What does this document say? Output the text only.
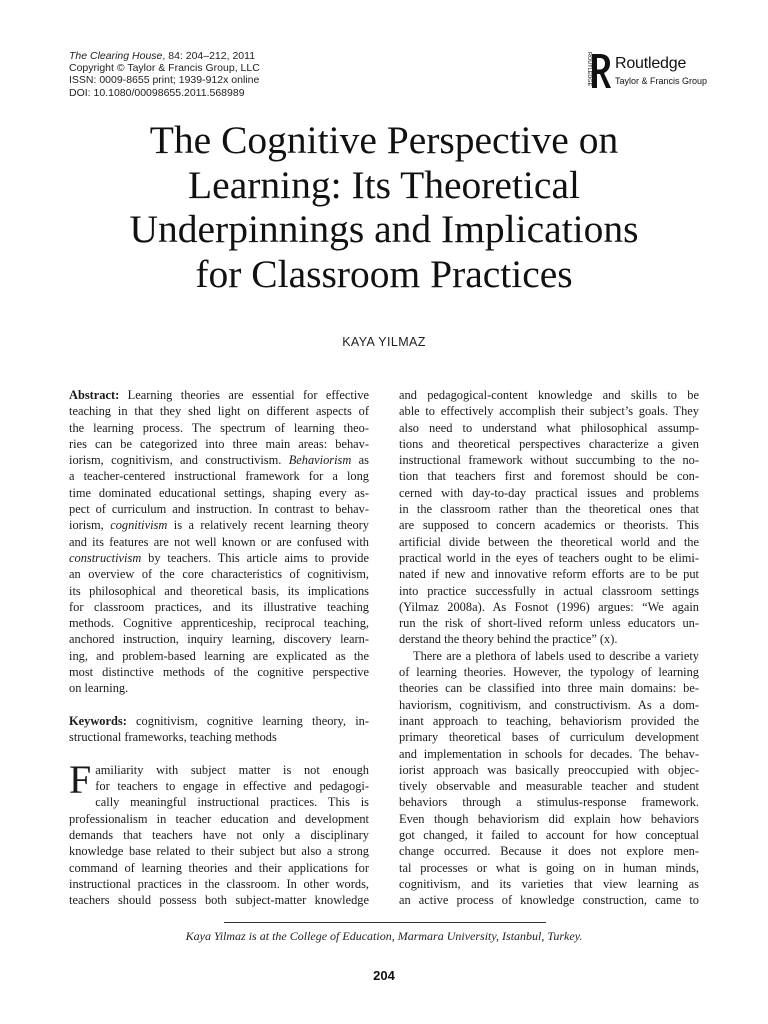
The Clearing House, 84: 204–212, 2011
Copyright © Taylor & Francis Group, LLC
ISSN: 0009-8655 print; 1939-912x online
DOI: 10.1080/00098655.2011.568989
ROUTLEDGE Routledge
Taylor & Francis Group
The Cognitive Perspective on
Learning: Its Theoretical
Underpinnings and Implications
for Classroom Practices
KAYA YILMAZ
Abstract: Learning theories are essential for effective
teaching in that they shed light on different aspects of
the learning process. The spectrum of learning theo-
ries can be categorized into three main areas: behav-
iorism, cognitivism, and constructivism. Behaviorism as
a teacher-centered instructional framework for a long
time dominated educational settings, shaping every as-
pect of curriculum and instruction. In contrast to behav-
iorism, cognitivism is a relatively recent learning theory
and its features are not well known or are confused with
constructivism by teachers. This article aims to provide
an overview of the core characteristics of cognitivism,
its philosophical and theoretical basis, its implications
for classroom practices, and its illustrative teaching
methods. Cognitive apprenticeship, reciprocal teaching,
anchored instruction, inquiry learning, discovery learn-
ing, and problem-based learning are explicated as the
most distinctive methods of the cognitive perspective
on learning.
Keywords: cognitivism, cognitive learning theory, in-
structional frameworks, teaching methods
F amiliarity with subject matter is not enough
for teachers to engage in effective and pedagogi-
cally meaningful instructional practices. This is
professionalism in teacher education and development
demands that teachers have not only a disciplinary
knowledge base related to their subject but also a strong
command of learning theories and their applications for
instructional practices in the classroom. In other words,
teachers should possess both subject-matter knowledge
and pedagogical-content knowledge and skills to be
able to effectively accomplish their subject’s goals. They
also need to understand what philosophical assump-
tions and theoretical perspectives characterize a given
instructional framework without succumbing to the no-
tion that teachers first and foremost should be con-
cerned with day-to-day practical issues and problems
in the classroom rather than the theoretical ones that
are supposed to concern academics or theorists. This
artificial divide between the theoretical world and the
practical world in the eyes of teachers ought to be elimi-
nated if new and innovative reform efforts are to be put
into practice successfully in actual classroom settings
(Yilmaz 2008a). As Fosnot (1996) argues: “We again
run the risk of short-lived reform unless educators un-
derstand the theory behind the practice” (x).
There are a plethora of labels used to describe a variety
of learning theories. However, the typology of learning
theories can be classified into three main domains: be-
haviorism, cognitivism, and constructivism. As a dom-
inant approach to teaching, behaviorism provided the
primary theoretical bases of curriculum development
and implementation in schools for decades. The behav-
iorist approach was basically preoccupied with objec-
tively observable and measurable teacher and student
behaviors through a stimulus-response framework.
Even though behaviorism did explain how behaviors
got changed, it failed to account for how conceptual
change occurred. Because it does not explore men-
tal processes or what is going on in human minds,
cognitivism, and its varieties that view learning as
an active process of knowledge construction, came to
Kaya Yilmaz is at the College of Education, Marmara University, Istanbul, Turkey.
204
